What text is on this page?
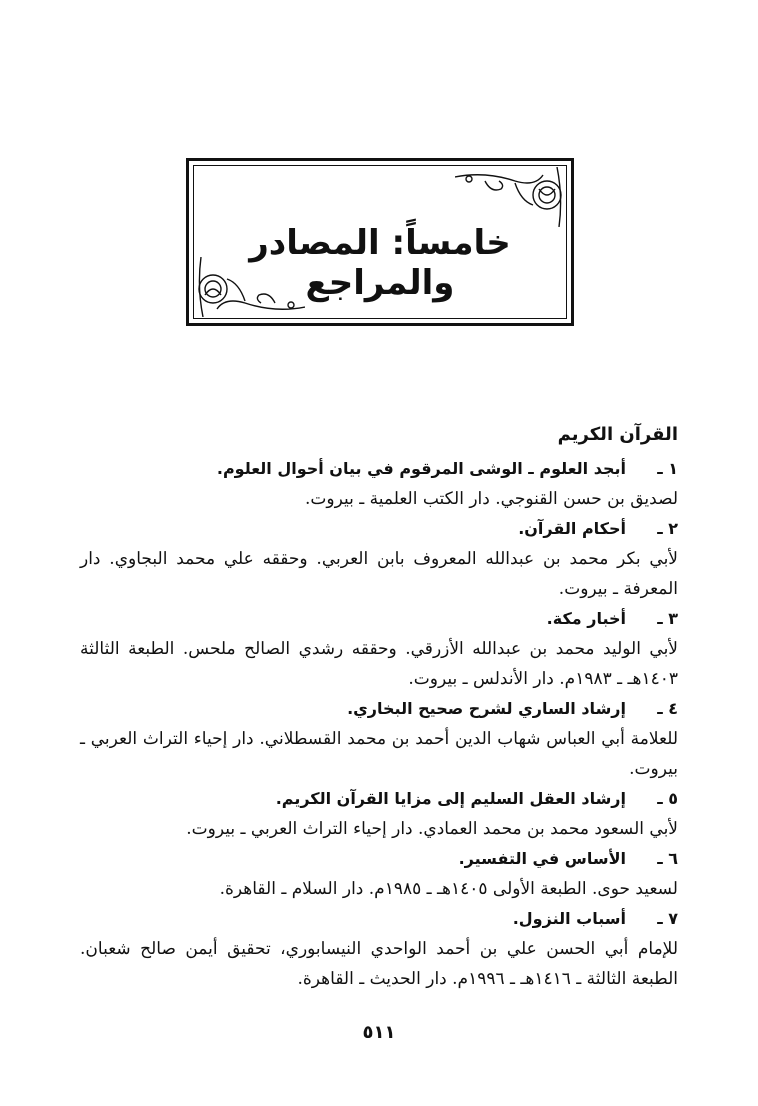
خامساً: المصادر والمراجع
القرآن الكريم
١ ـ
أبجد العلوم ـ الوشى المرقوم في بيان أحوال العلوم.
لصديق بن حسن القنوجي. دار الكتب العلمية ـ بيروت.
٢ ـ
أحكام القرآن.
لأبي بكر محمد بن عبدالله المعروف بابن العربي. وحققه علي محمد البجاوي. دار المعرفة ـ بيروت.
٣ ـ
أخبار مكة.
لأبي الوليد محمد بن عبدالله الأزرقي. وحققه رشدي الصالح ملحس. الطبعة الثالثة ١٤٠٣هـ ـ ١٩٨٣م. دار الأندلس ـ بيروت.
٤ ـ
إرشاد الساري لشرح صحيح البخاري.
للعلامة أبي العباس شهاب الدين أحمد بن محمد القسطلاني. دار إحياء التراث العربي ـ بيروت.
٥ ـ
إرشاد العقل السليم إلى مزايا القرآن الكريم.
لأبي السعود محمد بن محمد العمادي. دار إحياء التراث العربي ـ بيروت.
٦ ـ
الأساس في التفسير.
لسعيد حوى. الطبعة الأولى ١٤٠٥هـ ـ ١٩٨٥م. دار السلام ـ القاهرة.
٧ ـ
أسباب النزول.
للإمام أبي الحسن علي بن أحمد الواحدي النيسابوري، تحقيق أيمن صالح شعبان. الطبعة الثالثة ـ ١٤١٦هـ ـ ١٩٩٦م. دار الحديث ـ القاهرة.
٥١١
